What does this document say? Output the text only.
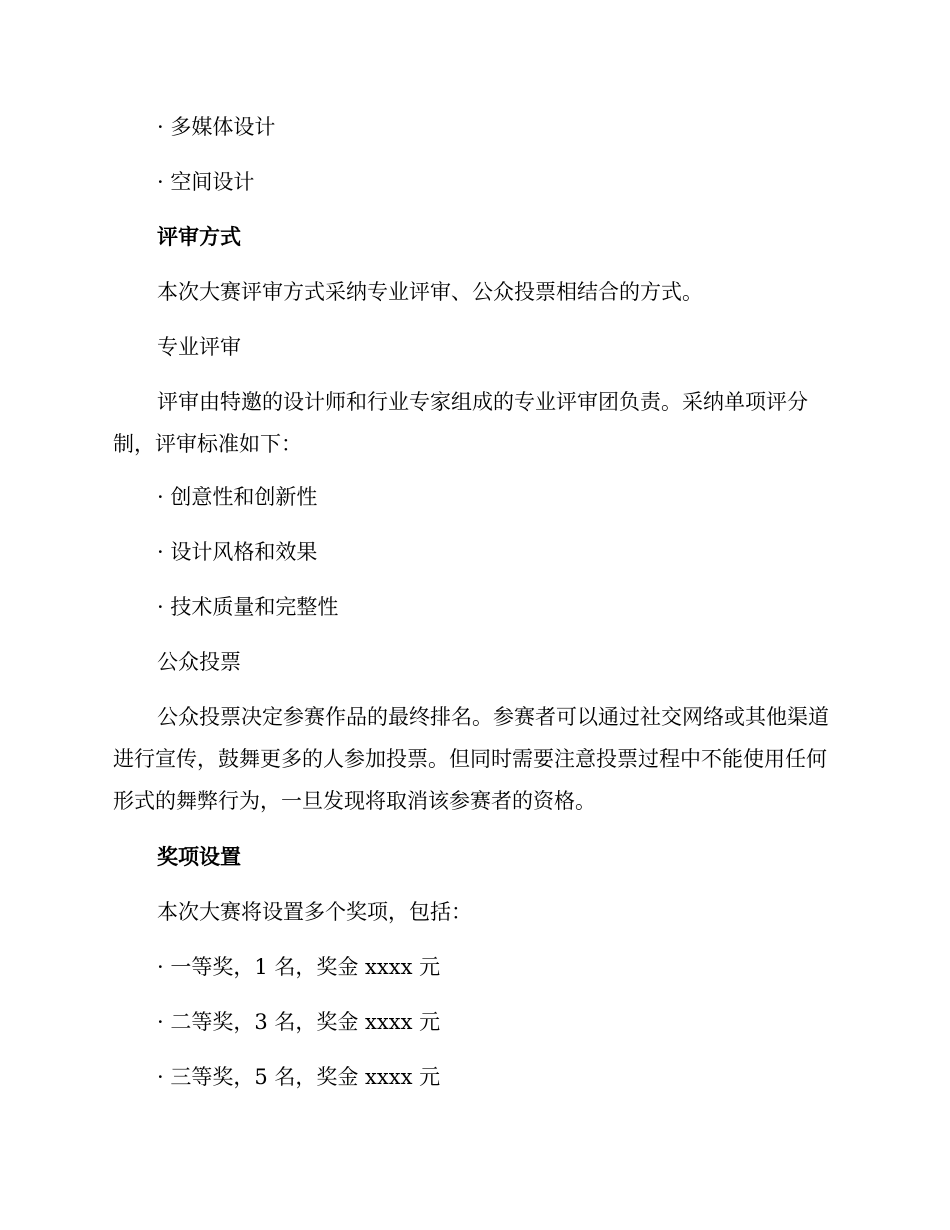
· 多媒体设计
· 空间设计
评审方式
本次大赛评审方式采纳专业评审、公众投票相结合的方式。
专业评审
评审由特邀的设计师和行业专家组成的专业评审团负责。采纳单项评分制，评审标准如下：
· 创意性和创新性
· 设计风格和效果
· 技术质量和完整性
公众投票
公众投票决定参赛作品的最终排名。参赛者可以通过社交网络或其他渠道进行宣传，鼓舞更多的人参加投票。但同时需要注意投票过程中不能使用任何形式的舞弊行为，一旦发现将取消该参赛者的资格。
奖项设置
本次大赛将设置多个奖项，包括：
· 一等奖，1 名，奖金 xxxx 元
· 二等奖，3 名，奖金 xxxx 元
· 三等奖，5 名，奖金 xxxx 元
